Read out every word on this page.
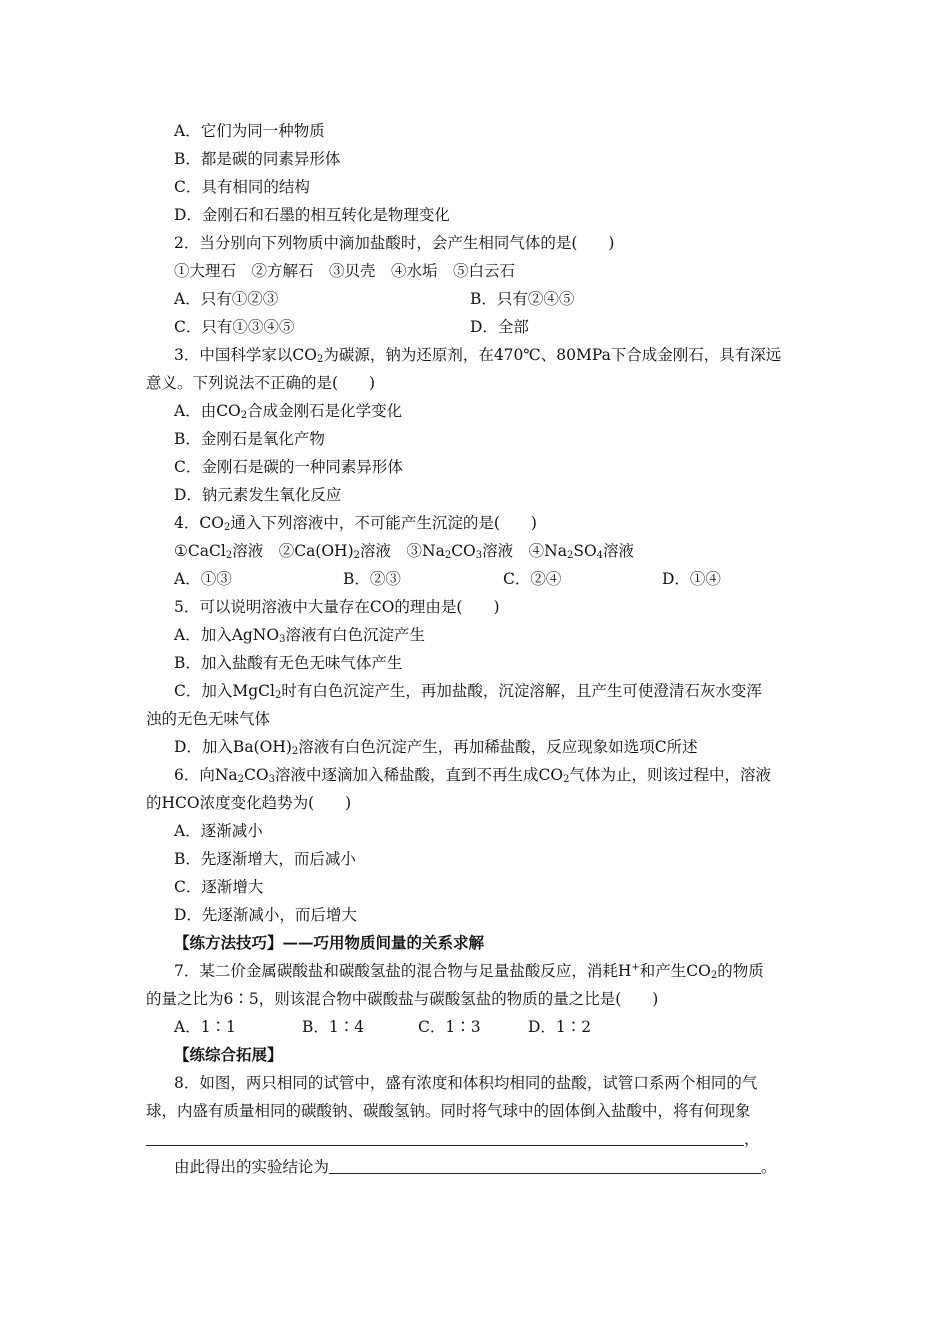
A．它们为同一种物质
B．都是碳的同素异形体
C．具有相同的结构
D．金刚石和石墨的相互转化是物理变化
2．当分别向下列物质中滴加盐酸时，会产生相同气体的是(　　)
①大理石　②方解石　③贝壳　④水垢　⑤白云石
A．只有①②③	B．只有②④⑤
C．只有①③④⑤	D．全部
3．中国科学家以$CO_2$为碳源，钠为还原剂，在470℃、80MPa下合成金刚石，具有深远
意义。下列说法不正确的是(　　)
A．由$CO_2$合成金刚石是化学变化
B．金刚石是氧化产物
C．金刚石是碳的一种同素异形体
D．钠元素发生氧化反应
4．$CO_2$通入下列溶液中，不可能产生沉淀的是(　　)
①CaCl$_2$溶液　$②Ca(OH)_2$溶液　$③Na_2CO_3$溶液　$④Na_2SO_4$溶液
A．①③	B．②③	C．②④	D．①④
5．可以说明溶液中大量存在CO的理由是(　　)
A．加入AgNO$_3$溶液有白色沉淀产生
B．加入盐酸有无色无味气体产生
C．加入MgCl$_2$时有白色沉淀产生，再加盐酸，沉淀溶解，且产生可使澄清石灰水变浑
浊的无色无味气体
D．加入$Ba(OH)_2$溶液有白色沉淀产生，再加稀盐酸，反应现象如选项C所述
6．向$Na_2CO_3$溶液中逐滴加入稀盐酸，直到不再生成$CO_2$气体为止，则该过程中，溶液
的HCO浓度变化趋势为(　　)
A．逐渐减小
B．先逐渐增大，而后减小
C．逐渐增大
D．先逐渐减小，而后增大
【练方法技巧】——巧用物质间量的关系求解
7．某二价金属碳酸盐和碳酸氢盐的混合物与足量盐酸反应，消耗H+和产生$CO_2$的物质
的量之比为6∶5，则该混合物中碳酸盐与碳酸氢盐的物质的量之比是(　　)
A．1∶1	B．1∶4	C．1∶3	D．1∶2
【练综合拓展】
8．如图，两只相同的试管中，盛有浓度和体积均相同的盐酸，试管口系两个相同的气
球，内盛有质量相同的碳酸钠、碳酸氢钠。同时将气球中的固体倒入盐酸中，将有何现象
，
由此得出的实验结论为	。
